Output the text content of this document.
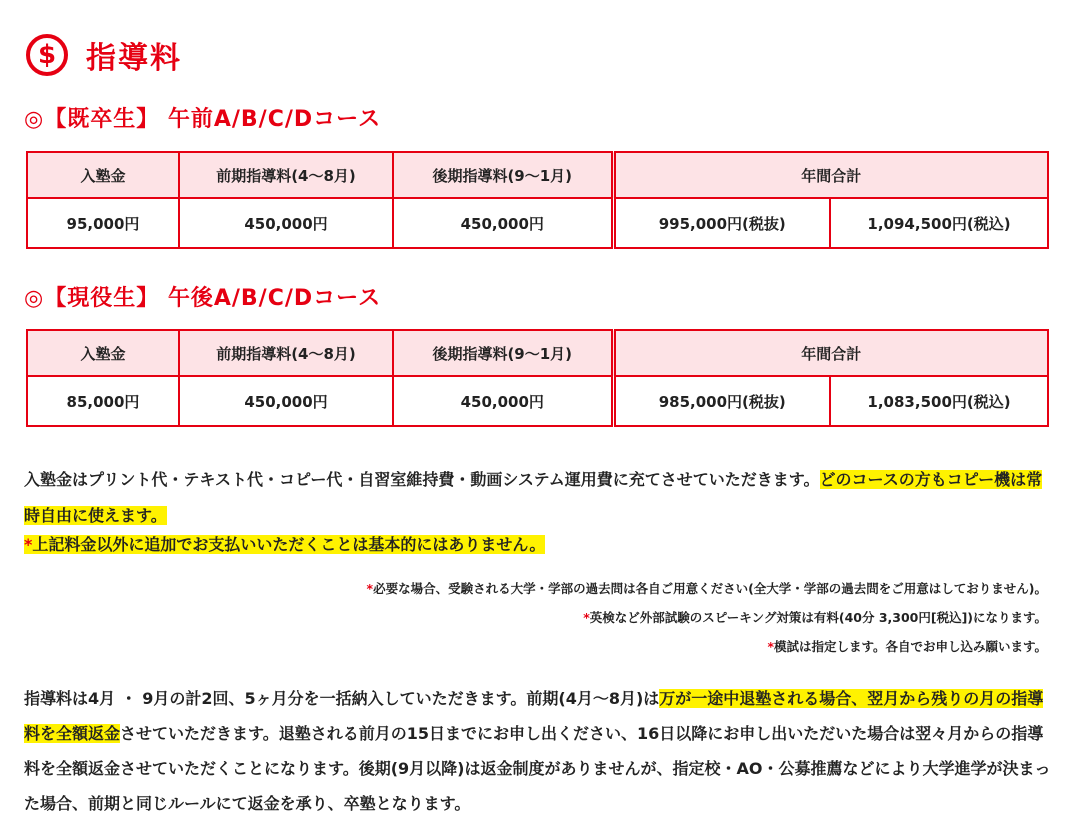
$ 指導料
◎【既卒生】 午前A/B/C/Dコース
入塾金	前期指導料(4〜8月)	後期指導料(9〜1月)	年間合計	
95,000円	450,000円	450,000円	995,000円(税抜)	1,094,500円(税込)
◎【現役生】 午後A/B/C/Dコース
入塾金	前期指導料(4〜8月)	後期指導料(9〜1月)	年間合計	
85,000円	450,000円	450,000円	985,000円(税抜)	1,083,500円(税込)
入塾金はプリント代・テキスト代・コピー代・自習室維持費・動画システム運用費に充てさせていただきます。どのコースの方もコピー機は常時自由に使えます。
*上記料金以外に追加でお支払いいただくことは基本的にはありません。
*必要な場合、受験される大学・学部の過去問は各自ご用意ください(全大学・学部の過去問をご用意はしておりません)。
*英検など外部試験のスピーキング対策は有料(40分 3,300円[税込])になります。
*模試は指定します。各自でお申し込み願います。
指導料は4月 ・ 9月の計2回、5ヶ月分を一括納入していただきます。前期(4月〜8月)は万が一途中退塾される場合、翌月から残りの月の指導料を全額返金させていただきます。退塾される前月の15日までにお申し出ください、16日以降にお申し出いただいた場合は翌々月からの指導料を全額返金させていただくことになります。後期(9月以降)は返金制度がありませんが、指定校・AO・公募推薦などにより大学進学が決まった場合、前期と同じルールにて返金を承り、卒塾となります。
